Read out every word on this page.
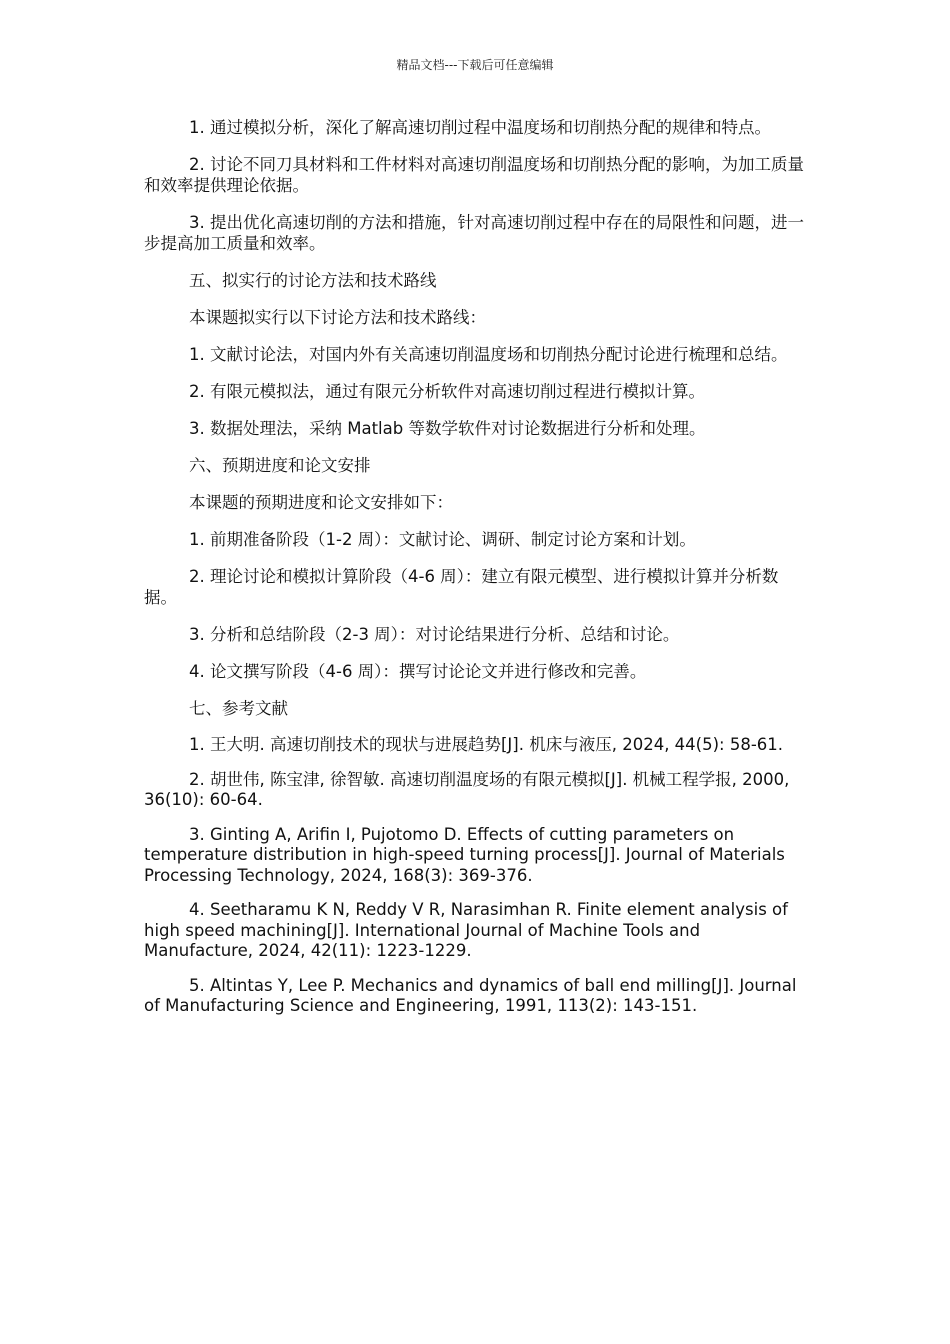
精品文档---下载后可任意编辑

1. 通过模拟分析，深化了解高速切削过程中温度场和切削热分配的规律和特点。

2. 讨论不同刀具材料和工件材料对高速切削温度场和切削热分配的影响，为加工质量和效率提供理论依据。

3. 提出优化高速切削的方法和措施，针对高速切削过程中存在的局限性和问题，进一步提高加工质量和效率。

五、拟实行的讨论方法和技术路线

本课题拟实行以下讨论方法和技术路线：

1. 文献讨论法，对国内外有关高速切削温度场和切削热分配讨论进行梳理和总结。

2. 有限元模拟法，通过有限元分析软件对高速切削过程进行模拟计算。

3. 数据处理法，采纳 Matlab 等数学软件对讨论数据进行分析和处理。

六、预期进度和论文安排

本课题的预期进度和论文安排如下：

1. 前期准备阶段（1-2 周）：文献讨论、调研、制定讨论方案和计划。

2. 理论讨论和模拟计算阶段（4-6 周）：建立有限元模型、进行模拟计算并分析数据。

3. 分析和总结阶段（2-3 周）：对讨论结果进行分析、总结和讨论。

4. 论文撰写阶段（4-6 周）：撰写讨论论文并进行修改和完善。

七、参考文献

1. 王大明. 高速切削技术的现状与进展趋势[J]. 机床与液压, 2024, 44(5): 58-61.

2. 胡世伟, 陈宝津, 徐智敏. 高速切削温度场的有限元模拟[J]. 机械工程学报, 2000, 36(10): 60-64.

3. Ginting A, Arifin I, Pujotomo D. Effects of cutting parameters on temperature distribution in high-speed turning process[J]. Journal of Materials Processing Technology, 2024, 168(3): 369-376.

4. Seetharamu K N, Reddy V R, Narasimhan R. Finite element analysis of high speed machining[J]. International Journal of Machine Tools and Manufacture, 2024, 42(11): 1223-1229.

5. Altintas Y, Lee P. Mechanics and dynamics of ball end milling[J]. Journal of Manufacturing Science and Engineering, 1991, 113(2): 143-151.
